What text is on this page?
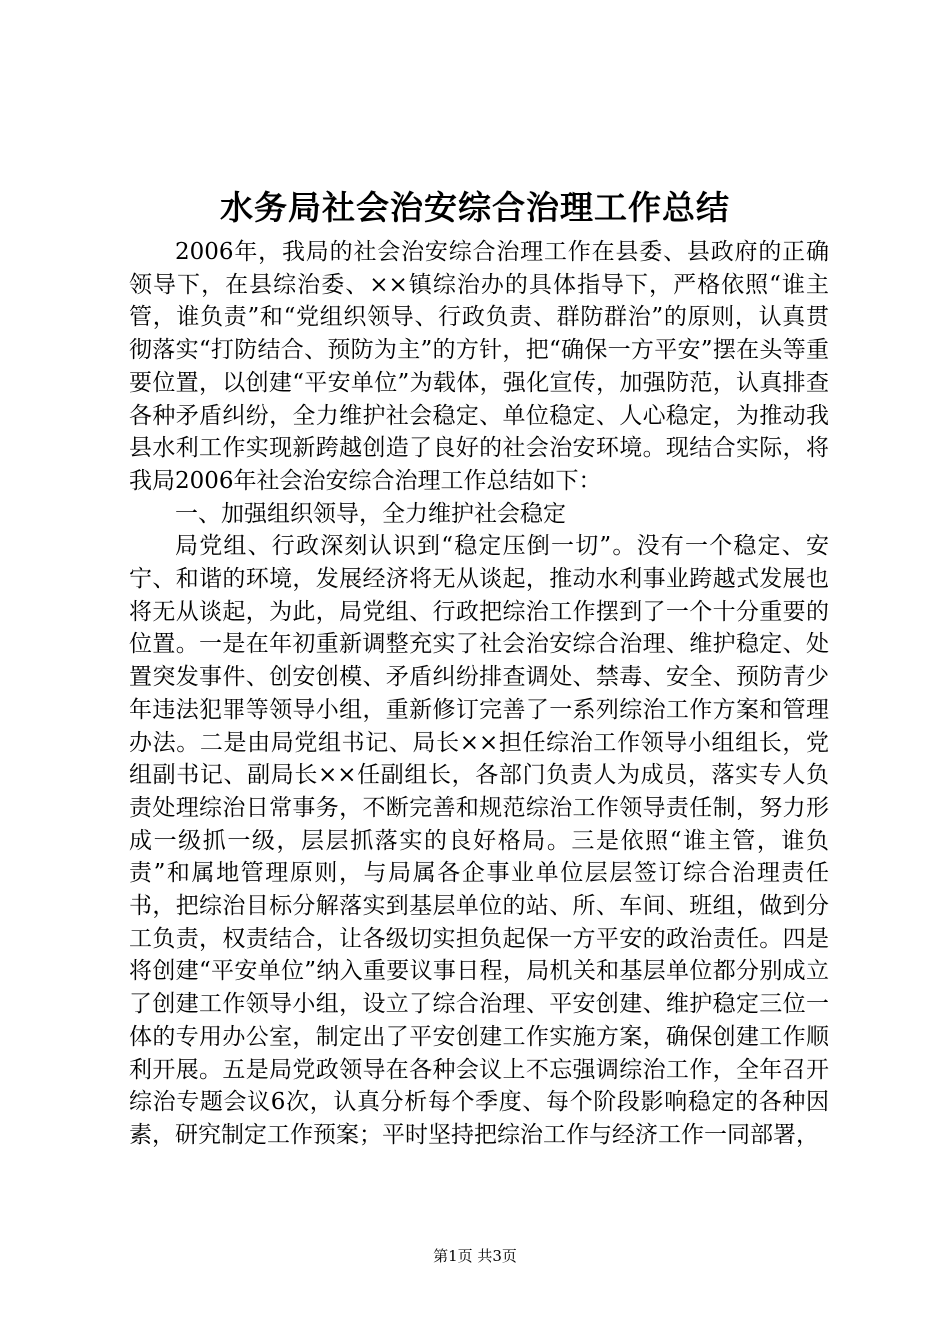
水务局社会治安综合治理工作总结

2006年，我局的社会治安综合治理工作在县委、县政府的正确领导下，在县综治委、××镇综治办的具体指导下，严格依照“谁主管，谁负责”和“党组织领导、行政负责、群防群治”的原则，认真贯彻落实“打防结合、预防为主”的方针，把“确保一方平安”摆在头等重要位置，以创建“平安单位”为载体，强化宣传，加强防范，认真排查各种矛盾纠纷，全力维护社会稳定、单位稳定、人心稳定，为推动我县水利工作实现新跨越创造了良好的社会治安环境。现结合实际，将我局2006年社会治安综合治理工作总结如下：

一、加强组织领导，全力维护社会稳定

局党组、行政深刻认识到“稳定压倒一切”。没有一个稳定、安宁、和谐的环境，发展经济将无从谈起，推动水利事业跨越式发展也将无从谈起，为此，局党组、行政把综治工作摆到了一个十分重要的位置。一是在年初重新调整充实了社会治安综合治理、维护稳定、处置突发事件、创安创模、矛盾纠纷排查调处、禁毒、安全、预防青少年违法犯罪等领导小组，重新修订完善了一系列综治工作方案和管理办法。二是由局党组书记、局长××担任综治工作领导小组组长，党组副书记、副局长××任副组长，各部门负责人为成员，落实专人负责处理综治日常事务，不断完善和规范综治工作领导责任制，努力形成一级抓一级，层层抓落实的良好格局。三是依照“谁主管，谁负责”和属地管理原则，与局属各企事业单位层层签订综合治理责任书，把综治目标分解落实到基层单位的站、所、车间、班组，做到分工负责，权责结合，让各级切实担负起保一方平安的政治责任。四是将创建“平安单位”纳入重要议事日程，局机关和基层单位都分别成立了创建工作领导小组，设立了综合治理、平安创建、维护稳定三位一体的专用办公室，制定出了平安创建工作实施方案，确保创建工作顺利开展。五是局党政领导在各种会议上不忘强调综治工作，全年召开综治专题会议6次，认真分析每个季度、每个阶段影响稳定的各种因素，研究制定工作预案；平时坚持把综治工作与经济工作一同部署，

第1页 共3页
